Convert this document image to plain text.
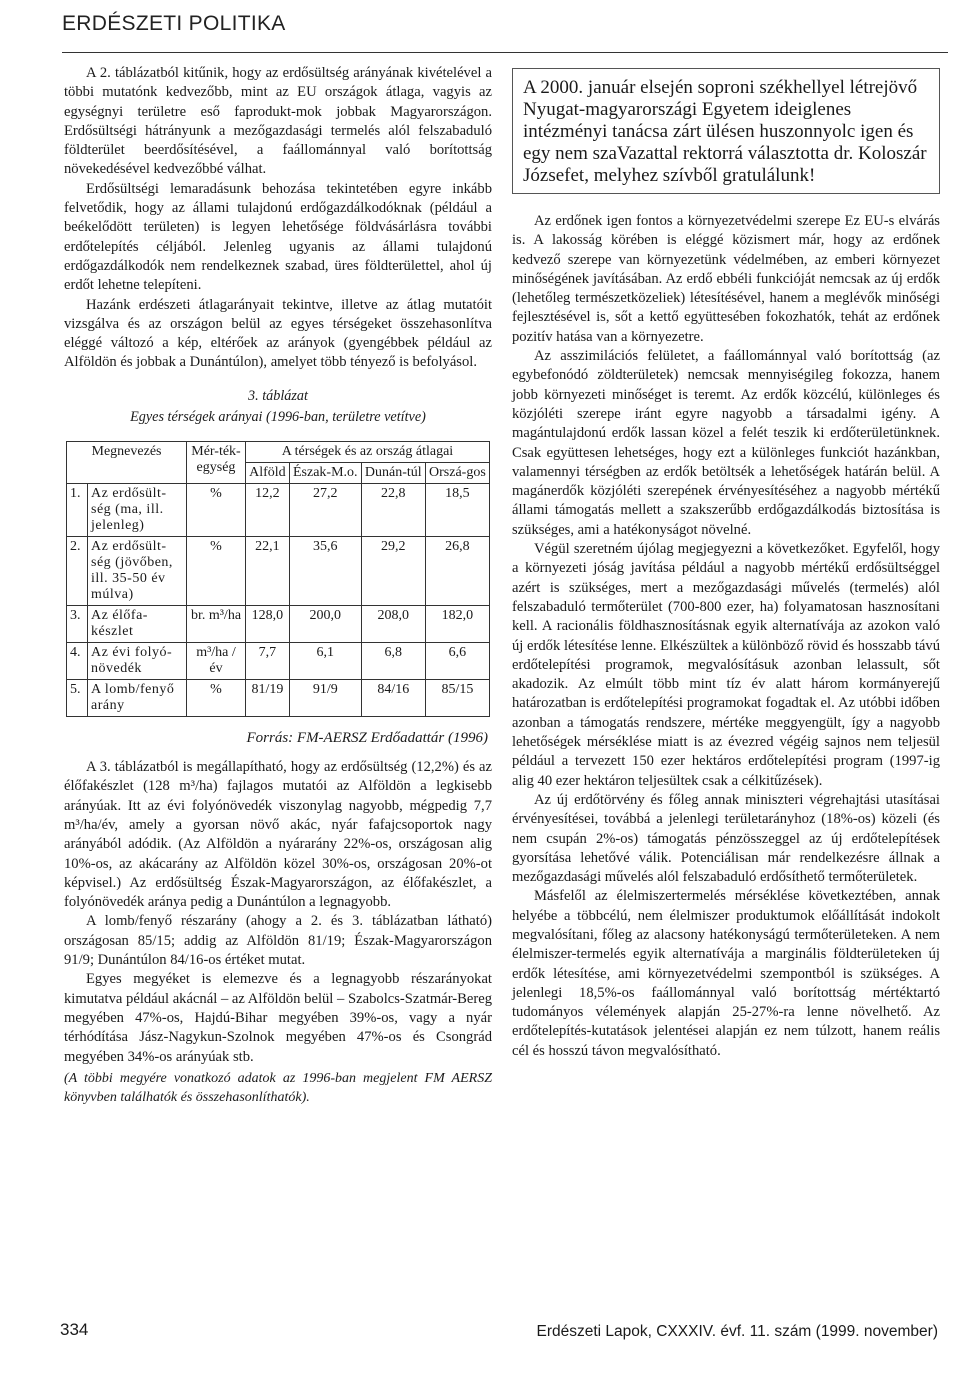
ERDÉSZETI POLITIKA

A 2. táblázatból kitűnik, hogy az erdősültség arányának kivételével a többi mutatónk kedvezőbb, mint az EU országok átlaga, vagyis az egységnyi területre eső faprodukt-mok jobbak Magyarországon. Erdősültségi hátrányunk a mezőgazdasági termelés alól felszabaduló földterület beerdősítésével, a faállománnyal való borítottság növekedésével kedvezőbbé válhat.

Erdősültségi lemaradásunk behozása tekintetében egyre inkább felvetődik, hogy az állami tulajdonú erdőgazdálkodóknak (például a beékelődött területen) is legyen lehetősége földvásárlásra további erdőtelepítés céljából. Jelenleg ugyanis az állami tulajdonú erdőgazdálkodók nem rendelkeznek szabad, üres földterülettel, ahol új erdőt lehetne telepíteni.

Hazánk erdészeti átlagarányait tekintve, illetve az átlag mutatóit vizsgálva és az országon belül az egyes térségeket összehasonlítva eléggé változó a kép, eltérőek az arányok (gyengébbek például az Alföldön és jobbak a Dunántúlon), amelyet több tényező is befolyásol.

3. táblázat
Egyes térségek arányai (1996-ban, területre vetítve)
Megnevezés		Mér-ték-egység	A térségek és az ország átlagai			
			Alföld	Észak-M.o.	Dunán-túl	Orszá-gos
1.	Az erdősült-ség (ma, ill. jelenleg)	%	12,2	27,2	22,8	18,5
2.	Az erdősült-ség (jövőben, ill. 35-50 év múlva)	%	22,1	35,6	29,2	26,8
3.	Az élőfa-készlet	br. m³/ha	128,0	200,0	208,0	182,0
4.	Az évi folyó-növedék	m³/ha /év	7,7	6,1	6,8	6,6
5.	A lomb/fenyő arány	%	81/19	91/9	84/16	85/15
Forrás: FM-AERSZ Erdőadattár (1996)

A 3. táblázatból is megállapítható, hogy az erdősültség (12,2%) és az élőfakészlet (128 m³/ha) fajlagos mutatói az Alföldön a legkisebb arányúak. Itt az évi folyónövedék viszonylag nagyobb, mégpedig 7,7 m³/ha/év, amely a gyorsan növő akác, nyár fafajcsoportok nagy arányából adódik. (Az Alföldön a nyárarány 22%-os, országosan alig 10%-os, az akácarány az Alföldön közel 30%-os, országosan 20%-ot képvisel.) Az erdősültség Észak-Magyarországon, az élőfakészlet, a folyónövedék aránya pedig a Dunántúlon a legnagyobb.

A lomb/fenyő részarány (ahogy a 2. és 3. táblázatban látható) országosan 85/15; addig az Alföldön 81/19; Észak-Magyarországon 91/9; Dunántúlon 84/16-os értéket mutat.

Egyes megyéket is elemezve és a legnagyobb részarányokat kimutatva például akácnál – az Alföldön belül – Szabolcs-Szatmár-Bereg megyében 47%-os, Hajdú-Bihar megyében 39%-os, vagy a nyár térhódítása Jász-Nagykun-Szolnok megyében 47%-os és Csongrád megyében 34%-os arányúak stb.

(A többi megyére vonatkozó adatok az 1996-ban megjelent FM AERSZ könyvben találhatók és összehasonlíthatók).

A 2000. január elsején soproni székhellyel létrejövő Nyugat-magyarországi Egyetem ideiglenes intézményi tanácsa zárt ülésen huszonnyolc igen és egy nem szaVazattal rektorrá választotta dr. Koloszár Józsefet, melyhez szívből gratulálunk!

Az erdőnek igen fontos a környezetvédelmi szerepe Ez EU-s elvárás is. A lakosság körében is eléggé közismert már, hogy az erdőnek kedvező szerepe van környezetünk védelmében, az emberi környezet minőségének javításában. Az erdő ebbéli funkcióját nemcsak az új erdők (lehetőleg természetközeliek) létesítésével, hanem a meglévők minőségi fejlesztésével is, sőt a kettő együttesében fokozhatók, tehát az erdőnek pozitív hatása van a környezetre.

Az asszimilációs felületet, a faállománnyal való borítottság (az egybefonódó zöldterületek) nemcsak mennyiségileg fokozza, hanem jobb környezeti minőséget is teremt. Az erdők közcélú, különleges és közjóléti szerepe iránt egyre nagyobb a társadalmi igény. A magántulajdonú erdők lassan közel a felét teszik ki erdőterületünknek. Csak együttesen lehetséges, hogy ezt a különleges funkciót hazánkban, valamennyi térségben az erdők betöltsék a lehetőségek határán belül. A magánerdők közjóléti szerepének érvényesítéséhez a nagyobb mértékű állami támogatás mellett a szakszerűbb erdőgazdálkodás biztosítása is szükséges, ami a hatékonyságot növelné.

Végül szeretném újólag megjegyezni a következőket. Egyfelől, hogy a környezeti jóság javítása például a nagyobb mértékű erdősültséggel azért is szükséges, mert a mezőgazdasági művelés (termelés) alól felszabaduló termőterület (700-800 ezer, ha) folyamatosan hasznosítani kell. A racionális földhasznosításnak egyik alternatívája az azokon való új erdők létesítése lenne. Elkészültek a különböző rövid és hosszabb távú erdőtelepítési programok, megvalósításuk azonban lelassult, sőt akadozik. Az elmúlt több mint tíz év alatt három kormányerejű határozatban is erdőtelepítési programokat fogadtak el. Az utóbbi időben azonban a támogatás rendszere, mértéke meggyengült, így a nagyobb lehetőségek mérséklése miatt is az évezred végéig sajnos nem teljesül például a tervezett 150 ezer hektáros erdőtelepítési program (1997-ig alig 40 ezer hektáron teljesültek csak a célkitűzések).

Az új erdőtörvény és főleg annak miniszteri végrehajtási utasításai érvényesítései, továbbá a jelenlegi területarányhoz (18%-os) közeli (és nem csupán 2%-os) támogatás pénzösszeggel az új erdőtelepítések gyorsítása lehetővé válik. Potenciálisan már rendelkezésre állnak a mezőgazdasági művelés alól felszabaduló erdősíthető termőterületek.

Másfelől az élelmiszertermelés mérséklése következtében, annak helyébe a többcélú, nem élelmiszer produktumok előállítását indokolt megvalósítani, főleg az alacsony hatékonyságú termőterületeken. A nem élelmiszer-termelés egyik alternatívája a marginális földterületeken új erdők létesítése, ami környezetvédelmi szempontból is szükséges. A jelenlegi 18,5%-os faállománnyal való borítottság mértéktartó tudományos vélemények alapján 25-27%-ra lenne növelhető. Az erdőtelepítés-kutatások jelentései alapján ez nem túlzott, hanem reális cél és hosszú távon megvalósítható.

334	Erdészeti Lapok, CXXXIV. évf. 11. szám (1999. november)
